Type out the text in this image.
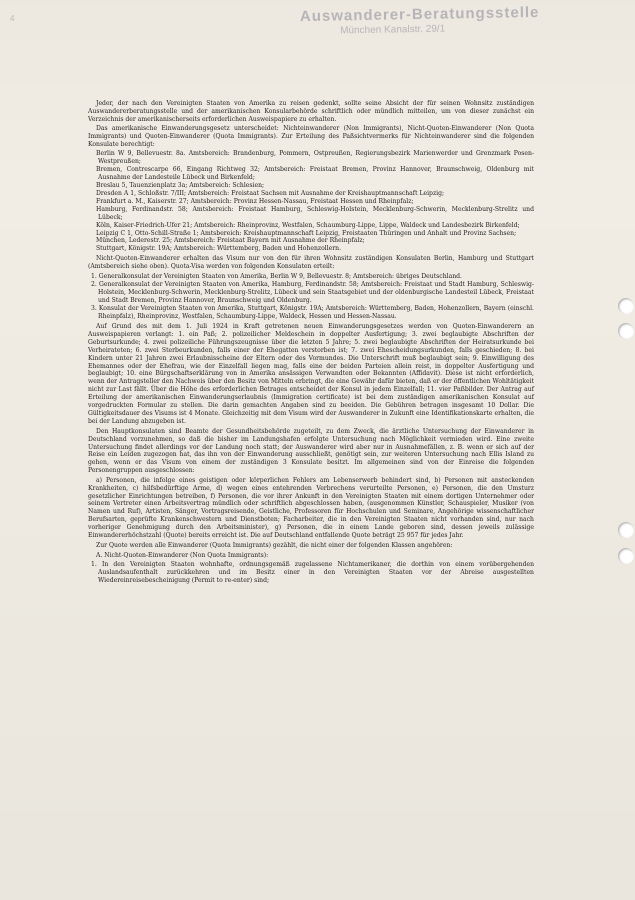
4	Auswanderer-Beratungsstelle
München Kanalstr. 29/1

Jeder, der nach den Vereinigten Staaten von Amerika zu reisen gedenkt, sollte seine Absicht der für seinen Wohnsitz zuständigen Auswandererberatungsstelle und der amerikanischen Konsularbehörde schriftlich oder mündlich mitteilen, um von dieser zunächst ein Verzeichnis der amerikanischerseits erforderlichen Ausweispapiere zu erhalten.

Das amerikanische Einwanderungsgesetz unterscheidet: Nichteinwanderer (Non Immigrants), Nicht-Quoten-Einwanderer (Non Quota Immigrants) und Quoten-Einwanderer (Quota Immigrants). Zur Erteilung des Paßsichtvermerks für Nichteinwanderer sind die folgenden Konsulate berechtigt:

Berlin W 9, Bellevuestr. 8a. Amtsbereich: Brandenburg, Pommern, Ostpreußen, Regierungsbezirk Marienwerder und Grenzmark Posen-Westpreußen;

Bremen, Contrescarpe 66, Eingang Richtweg 32; Amtsbereich: Freistaat Bremen, Provinz Hannover, Braunschweig, Oldenburg mit Ausnahme der Landesteile Lübeck und Birkenfeld;

Breslau 5, Tauenzienplatz 3a; Amtsbereich: Schlesien;

Dresden A 1, Schloßstr. 7/III; Amtsbereich: Freistaat Sachsen mit Ausnahme der Kreishauptmannschaft Leipzig;

Frankfurt a. M., Kaiserstr. 27; Amtsbereich: Provinz Hessen-Nassau, Freistaat Hessen und Rheinpfalz;

Hamburg, Ferdinandstr. 58; Amtsbereich: Freistaat Hamburg, Schleswig-Holstein, Mecklenburg-Schwerin, Mecklenburg-Strelitz und Lübeck;

Köln, Kaiser-Friedrich-Ufer 21; Amtsbereich: Rheinprovinz, Westfalen, Schaumburg-Lippe, Lippe, Waldeck und Landesbezirk Birkenfeld;

Leipzig C 1, Otto-Schill-Straße 1; Amtsbereich: Kreishauptmannschaft Leipzig, Freistaaten Thüringen und Anhalt und Provinz Sachsen;

München, Lederestr. 25; Amtsbereich: Freistaat Bayern mit Ausnahme der Rheinpfalz;

Stuttgart, Königstr. 19A; Amtsbereich: Württemberg, Baden und Hohenzollern.

Nicht-Quoten-Einwanderer erhalten das Visum nur von den für ihren Wohnsitz zuständigen Konsulaten Berlin, Hamburg und Stuttgart (Amtsbereich siehe oben). Quota-Visa werden von folgenden Konsulaten erteilt:

1. Generalkonsulat der Vereinigten Staaten von Amerika, Berlin W 9, Bellevuestr. 8; Amtsbereich: übriges Deutschland.

2. Generalkonsulat der Vereinigten Staaten von Amerika, Hamburg, Ferdinandstr. 58; Amtsbereich: Freistaat und Stadt Hamburg, Schleswig-Holstein, Mecklenburg-Schwerin, Mecklenburg-Strelitz, Lübeck und sein Staatsgebiet und der oldenburgische Landesteil Lübeck, Freistaat und Stadt Bremen, Provinz Hannover, Braunschweig und Oldenburg.

3. Konsulat der Vereinigten Staaten von Amerika, Stuttgart, Königstr. 19A; Amtsbereich: Württemberg, Baden, Hohenzollern, Bayern (einschl. Rheinpfalz), Rheinprovinz, Westfalen, Schaumburg-Lippe, Waldeck, Hessen und Hessen-Nassau.

Auf Grund des mit dem 1. Juli 1924 in Kraft getretenen neuen Einwanderungsgesetzes werden von Quoten-Einwanderern an Ausweispapieren verlangt: 1. ein Paß; 2. polizeilicher Meldeschein in doppelter Ausfertigung; 3. zwei beglaubigte Abschriften der Geburtsurkunde; 4. zwei polizeiliche Führungszeugnisse über die letzten 5 Jahre; 5. zwei beglaubigte Abschriften der Heiratsurkunde bei Verheirateten; 6. zwei Sterbeurkunden, falls einer der Ehegatten verstorben ist; 7. zwei Ehescheidungsurkunden, falls geschieden; 8. bei Kindern unter 21 Jahren zwei Erlaubnisscheine der Eltern oder des Vormundes. Die Unterschrift muß beglaubigt sein; 9. Einwilligung des Ehemannes oder der Ehefrau, wie der Einzelfall liegen mag, falls eine der beiden Parteien allein reist, in doppelter Ausfertigung und beglaubigt; 10. eine Bürgschaftserklärung von in Amerika ansässigen Verwandten oder Bekannten (Affidavit). Diese ist nicht erforderlich, wenn der Antragsteller den Nachweis über den Besitz von Mitteln erbringt, die eine Gewähr dafür bieten, daß er der öffentlichen Wohltätigkeit nicht zur Last fällt. Über die Höhe des erforderlichen Betrages entscheidet der Konsul in jedem Einzelfall; 11. vier Paßbilder. Der Antrag auf Erteilung der amerikanischen Einwanderungserlaubnis (Immigration certificate) ist bei dem zuständigen amerikanischen Konsulat auf vorgedruckten Formular zu stellen. Die darin gemachten Angaben sind zu beeiden. Die Gebühren betragen insgesamt 10 Dollar. Die Gültigkeitsdauer des Visums ist 4 Monate. Gleichzeitig mit dem Visum wird der Auswanderer in Zukunft eine Identifikationskarte erhalten, die bei der Landung abzugeben ist.

Den Hauptkonsulaten sind Beamte der Gesundheitsbehörde zugeteilt, zu dem Zweck, die ärztliche Untersuchung der Einwanderer in Deutschland vorzunehmen, so daß die bisher im Landungshafen erfolgte Untersuchung nach Möglichkeit vermieden wird. Eine zweite Untersuchung findet allerdings vor der Landung noch statt; der Auswanderer wird aber nur in Ausnahmefällen, z. B. wenn er sich auf der Reise ein Leiden zugezogen hat, das ihn von der Einwanderung ausschließt, genötigt sein, zur weiteren Untersuchung nach Ellis Island zu gehen, wenn er das Visum von einem der zuständigen 3 Konsulate besitzt. Im allgemeinen sind von der Einreise die folgenden Personengruppen ausgeschlossen:

a) Personen, die infolge eines geistigen oder körperlichen Fehlers am Lebenserwerb behindert sind, b) Personen mit ansteckenden Krankheiten, c) hilfsbedürftige Arme, d) wegen eines entehrenden Verbrechens verurteilte Personen, e) Personen, die den Umsturz gesetzlicher Einrichtungen betreiben, f) Personen, die vor ihrer Ankunft in den Vereinigten Staaten mit einem dortigen Unternehmer oder seinem Vertreter einen Arbeitsvertrag mündlich oder schriftlich abgeschlossen haben, (ausgenommen Künstler, Schauspieler, Musiker (von Namen und Ruf), Artisten, Sänger, Vortragsreisende, Geistliche, Professoren für Hochschulen und Seminare, Angehörige wissenschaftlicher Berufsarten, geprüfte Krankenschwestern und Dienstboten; Facharbeiter, die in den Vereinigten Staaten nicht vorhanden sind, nur nach vorheriger Genehmigung durch den Arbeitsminister), g) Personen, die in einem Lande geboren sind, dessen jeweils zulässige Einwandererhöchstzahl (Quote) bereits erreicht ist. Die auf Deutschland entfallende Quote beträgt 25 957 für jedes Jahr.

Zur Quote werden alle Einwanderer (Quota Immigrants) gezählt, die nicht einer der folgenden Klassen angehören:

A. Nicht-Quoten-Einwanderer (Non Quota Immigrants):

1. In den Vereinigten Staaten wohnhafte, ordnungsgemäß zugelassene Nichtamerikaner, die dorthin von einem vorübergehenden Auslandsaufenthalt zurückkehren und im Besitz einer in den Vereinigten Staaten vor der Abreise ausgestellten Wiedereinreisebescheinigung (Permit to re-enter) sind;
